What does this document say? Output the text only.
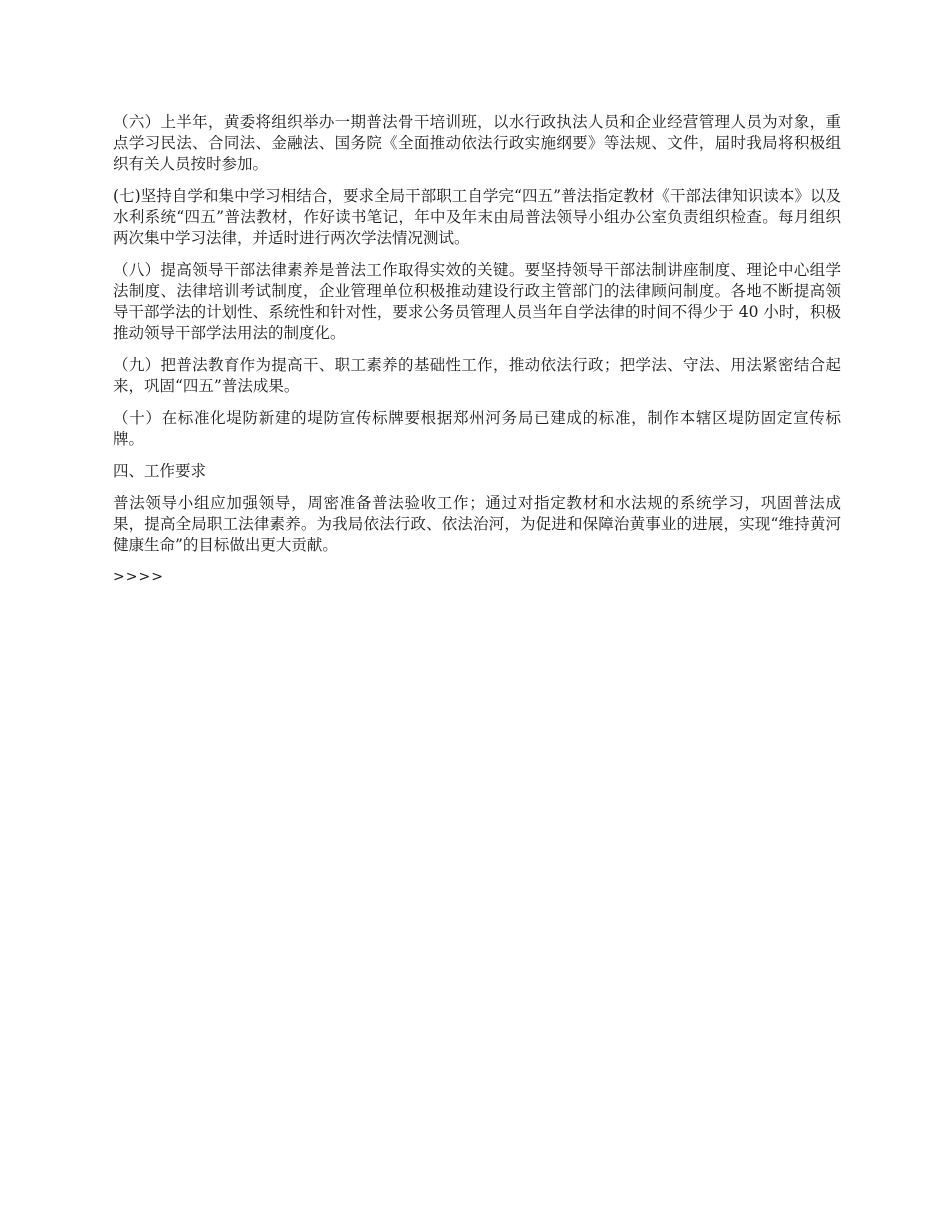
（六）上半年，黄委将组织举办一期普法骨干培训班，以水行政执法人员和企业经营管理人员为对象，重点学习民法、合同法、金融法、国务院《全面推动依法行政实施纲要》等法规、文件，届时我局将积极组织有关人员按时参加。

(七)坚持自学和集中学习相结合，要求全局干部职工自学完“四五”普法指定教材《干部法律知识读本》以及水利系统“四五”普法教材，作好读书笔记，年中及年末由局普法领导小组办公室负责组织检查。每月组织两次集中学习法律，并适时进行两次学法情况测试。

（八）提高领导干部法律素养是普法工作取得实效的关键。要坚持领导干部法制讲座制度、理论中心组学法制度、法律培训考试制度，企业管理单位积极推动建设行政主管部门的法律顾问制度。各地不断提高领导干部学法的计划性、系统性和针对性，要求公务员管理人员当年自学法律的时间不得少于 40 小时，积极推动领导干部学法用法的制度化。

（九）把普法教育作为提高干、职工素养的基础性工作，推动依法行政；把学法、守法、用法紧密结合起来，巩固“四五”普法成果。

（十）在标准化堤防新建的堤防宣传标牌要根据郑州河务局已建成的标准，制作本辖区堤防固定宣传标牌。

四、工作要求

普法领导小组应加强领导，周密准备普法验收工作；通过对指定教材和水法规的系统学习，巩固普法成果，提高全局职工法律素养。为我局依法行政、依法治河，为促进和保障治黄事业的进展，实现“维持黄河健康生命”的目标做出更大贡献。

>>>>
